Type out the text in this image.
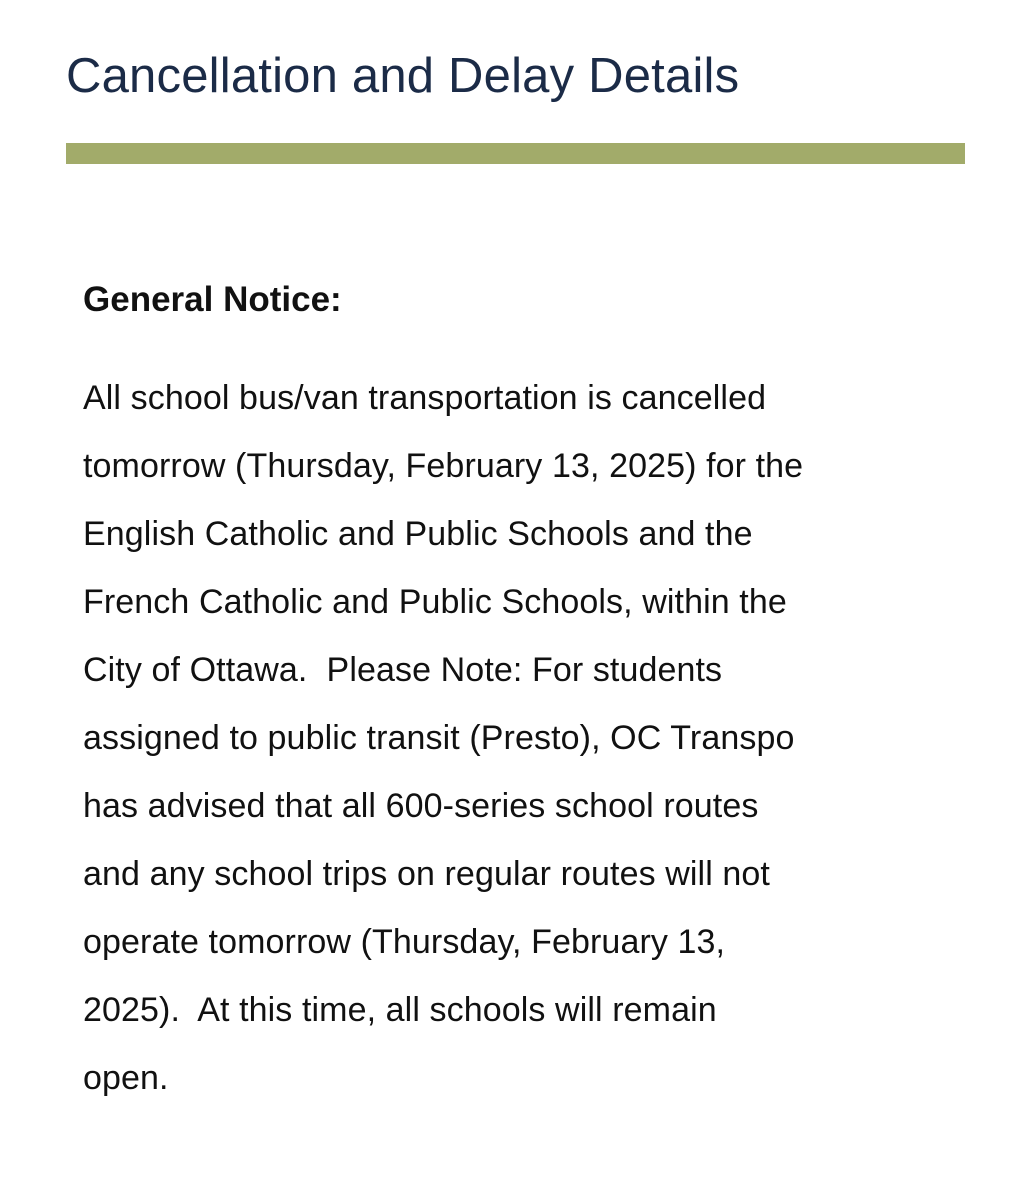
Cancellation and Delay Details
General Notice:
All school bus/van transportation is cancelled
tomorrow (Thursday, February 13, 2025) for the
English Catholic and Public Schools and the
French Catholic and Public Schools, within the
City of Ottawa.  Please Note: For students
assigned to public transit (Presto), OC Transpo
has advised that all 600-series school routes
and any school trips on regular routes will not
operate tomorrow (Thursday, February 13,
2025).  At this time, all schools will remain
open.
